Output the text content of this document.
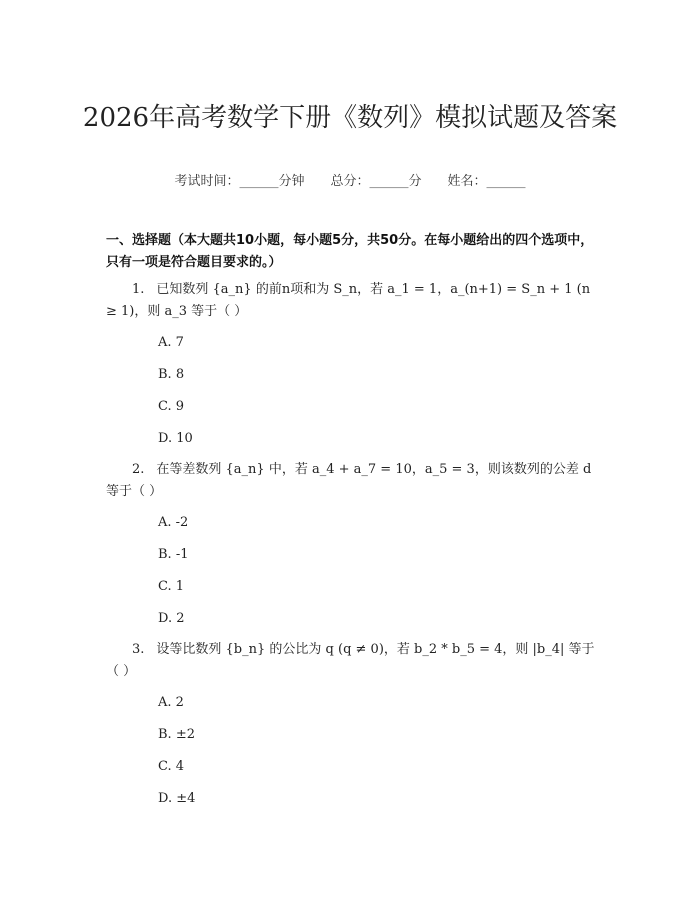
2026年高考数学下册《数列》模拟试题及答案
考试时间：______分钟 总分：______分 姓名：______
一、选择题（本大题共10小题，每小题5分，共50分。在每小题给出的四个选项中，只有一项是符合题目要求的。）
1. 已知数列 {a_n} 的前n项和为 S_n，若 a_1 = 1，a_(n+1) = S_n + 1 (n ≥ 1)，则 a_3 等于（ ）
A. 7
B. 8
C. 9
D. 10
2. 在等差数列 {a_n} 中，若 a_4 + a_7 = 10，a_5 = 3，则该数列的公差 d 等于（ ）
A. -2
B. -1
C. 1
D. 2
3. 设等比数列 {b_n} 的公比为 q (q ≠ 0)，若 b_2 * b_5 = 4，则 |b_4| 等于（ ）
A. 2
B. ±2
C. 4
D. ±4
